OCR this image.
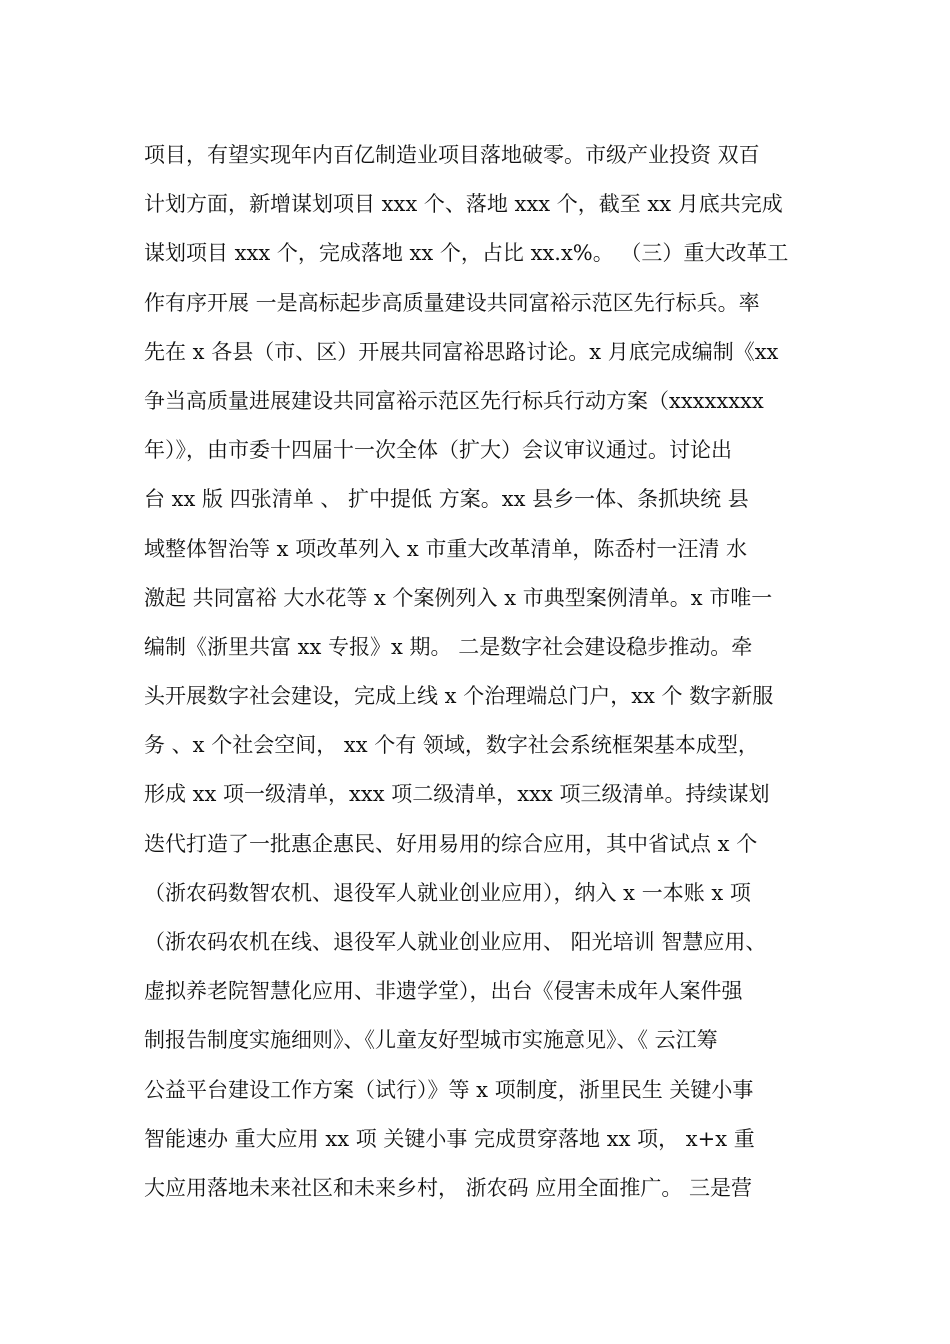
项目，有望实现年内百亿制造业项目落地破零。市级产业投资 双百
计划方面，新增谋划项目 xxx 个、落地 xxx 个，截至 xx 月底共完成
谋划项目 xxx 个，完成落地 xx 个，占比 xx.x%。 （三）重大改革工
作有序开展 一是高标起步高质量建设共同富裕示范区先行标兵。率
先在 x 各县（市、区）开展共同富裕思路讨论。x 月底完成编制《xx
争当高质量进展建设共同富裕示范区先行标兵行动方案（xxxxxxxx
年）》，由市委十四届十一次全体（扩大）会议审议通过。讨论出
台 xx 版 四张清单 、 扩中提低 方案。xx 县乡一体、条抓块统 县
域整体智治等 x 项改革列入 x 市重大改革清单，陈岙村一汪清 水
激起 共同富裕 大水花等 x 个案例列入 x 市典型案例清单。x 市唯一
编制《浙里共富 xx 专报》x 期。 二是数字社会建设稳步推动。牵
头开展数字社会建设，完成上线 x 个治理端总门户，xx 个 数字新服
务 、x 个社会空间， xx 个有 领域，数字社会系统框架基本成型，
形成 xx 项一级清单，xxx 项二级清单，xxx 项三级清单。持续谋划
迭代打造了一批惠企惠民、好用易用的综合应用，其中省试点 x 个
（浙农码数智农机、退役军人就业创业应用），纳入 x 一本账 x 项
（浙农码农机在线、退役军人就业创业应用、 阳光培训 智慧应用、
虚拟养老院智慧化应用、非遗学堂），出台《侵害未成年人案件强
制报告制度实施细则》、《儿童友好型城市实施意见》、《 云江筹
公益平台建设工作方案（试行）》等 x 项制度，浙里民生 关键小事
智能速办 重大应用 xx 项 关键小事 完成贯穿落地 xx 项， x+x 重
大应用落地未来社区和未来乡村， 浙农码 应用全面推广。 三是营
